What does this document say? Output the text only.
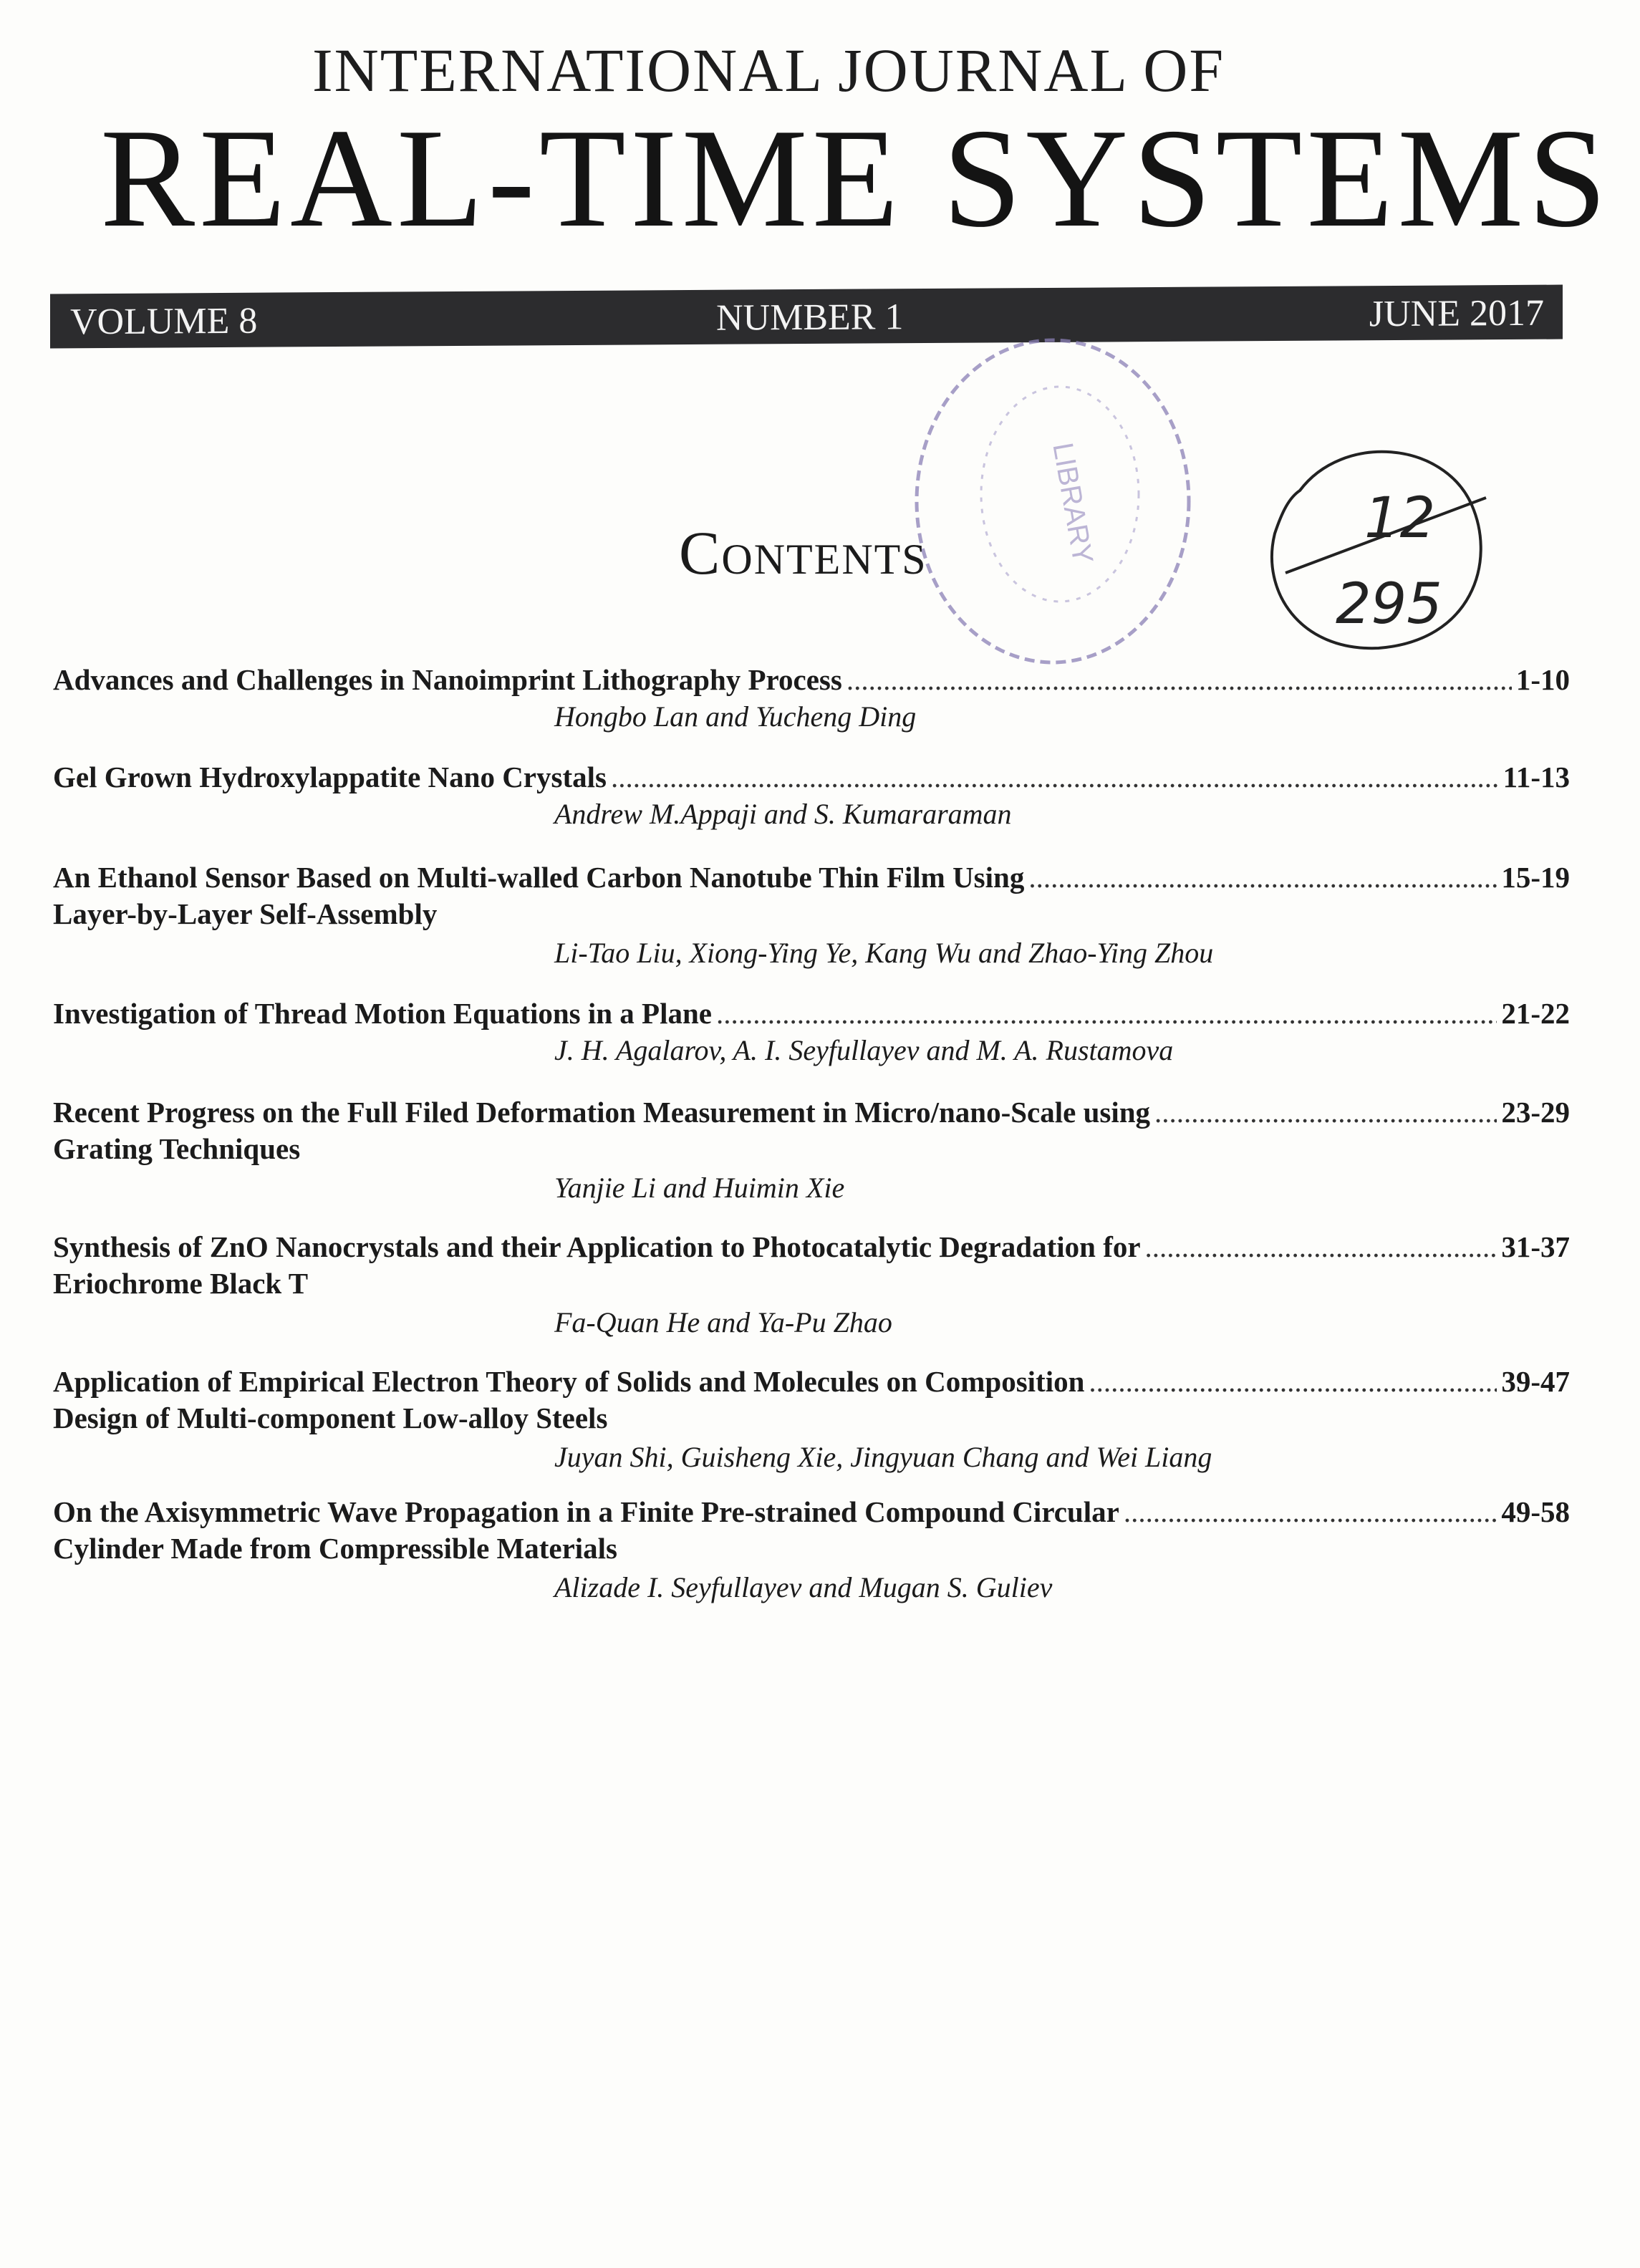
INTERNATIONAL JOURNAL OF
REAL-TIME SYSTEMS
VOLUME 8	NUMBER 1	JUNE 2017
LIBRARY	12
295
Contents
Advances and Challenges in Nanoimprint Lithography Process .....	1-10
Hongbo Lan and Yucheng Ding
Gel Grown Hydroxylappatite Nano Crystals .....	11-13
Andrew M.Appaji and S. Kumararaman
An Ethanol Sensor Based on Multi-walled Carbon Nanotube Thin Film Using .....	15-19
Layer-by-Layer Self-Assembly
Li-Tao Liu, Xiong-Ying Ye, Kang Wu and Zhao-Ying Zhou
Investigation of Thread Motion Equations in a Plane .....	21-22
J. H. Agalarov, A. I. Seyfullayev and M. A. Rustamova
Recent Progress on the Full Filed Deformation Measurement in Micro/nano-Scale using .....	23-29
Grating Techniques
Yanjie Li and Huimin Xie
Synthesis of ZnO Nanocrystals and their Application to Photocatalytic Degradation for .....	31-37
Eriochrome Black T
Fa-Quan He and Ya-Pu Zhao
Application of Empirical Electron Theory of Solids and Molecules on Composition .....	39-47
Design of Multi-component Low-alloy Steels
Juyan Shi, Guisheng Xie, Jingyuan Chang and Wei Liang
On the Axisymmetric Wave Propagation in a Finite Pre-strained Compound Circular .....	49-58
Cylinder Made from Compressible Materials
Alizade I. Seyfullayev and Mugan S. Guliev
